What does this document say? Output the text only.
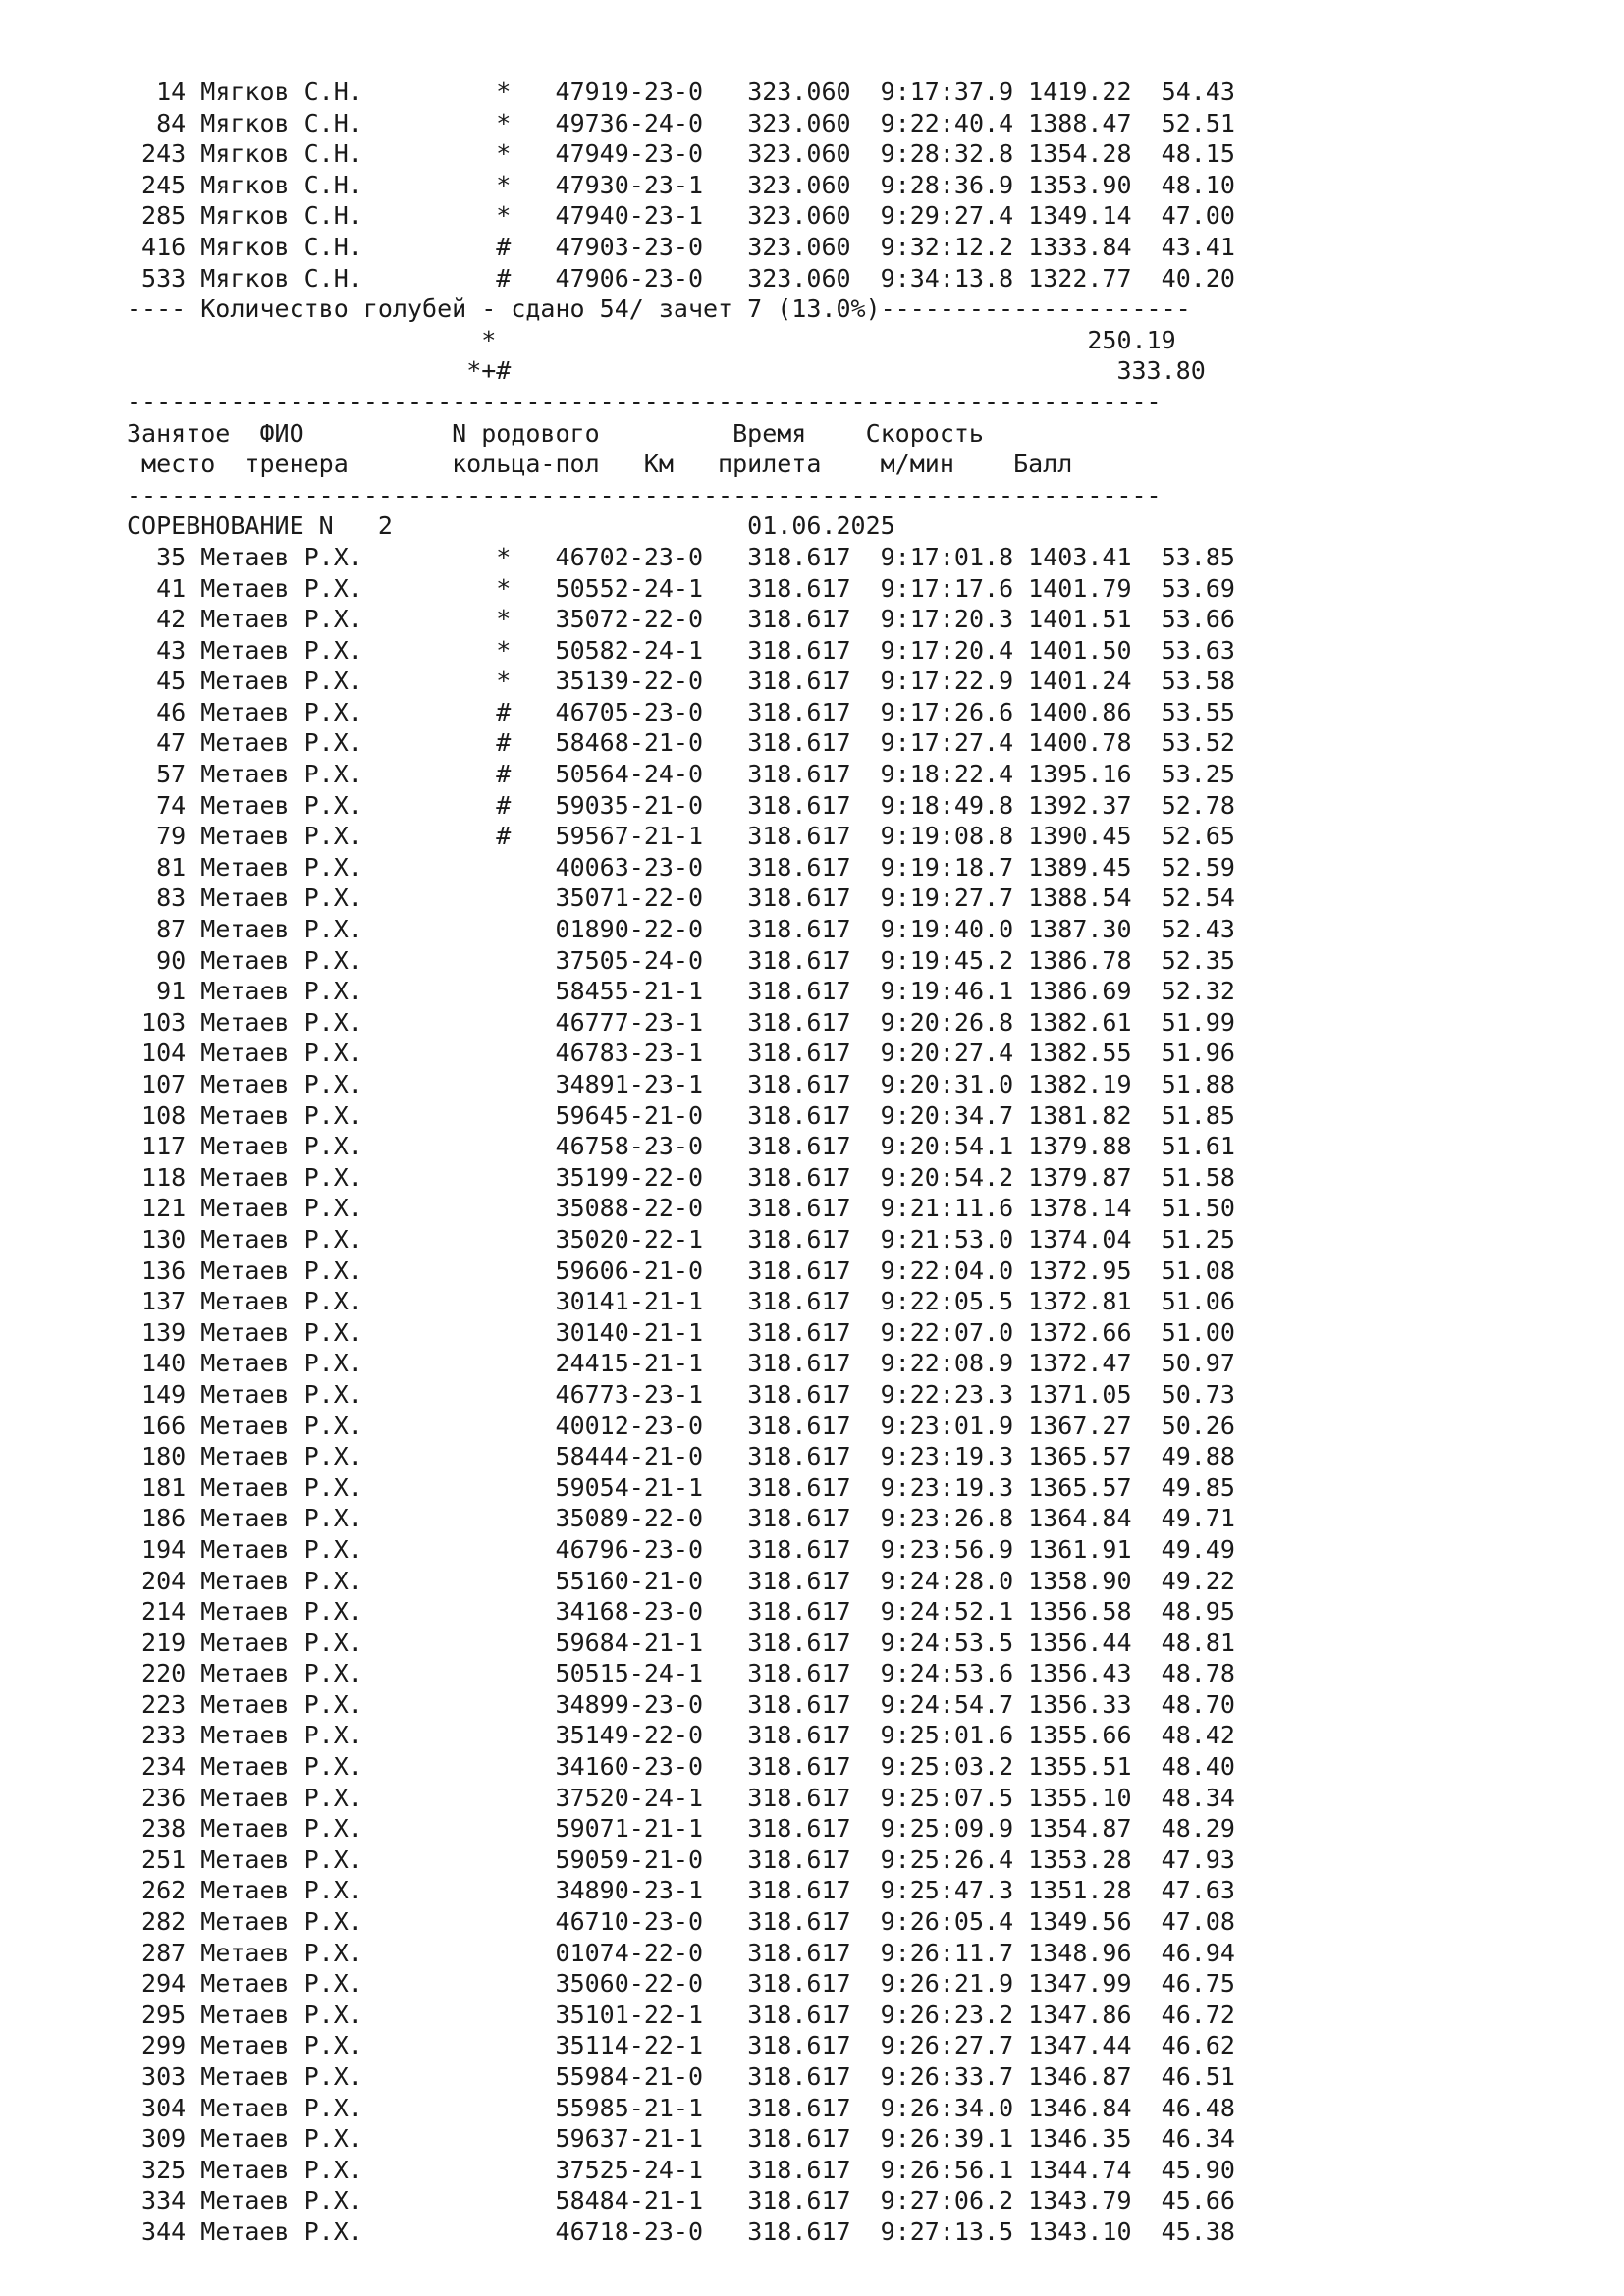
14 Мягков С.Н.         *   47919-23-0   323.060  9:17:37.9 1419.22  54.43
84 Мягков С.Н.         *   49736-24-0   323.060  9:22:40.4 1388.47  52.51
243 Мягков С.Н.         *   47949-23-0   323.060  9:28:32.8 1354.28  48.15
245 Мягков С.Н.         *   47930-23-1   323.060  9:28:36.9 1353.90  48.10
285 Мягков С.Н.         *   47940-23-1   323.060  9:29:27.4 1349.14  47.00
416 Мягков С.Н.         #   47903-23-0   323.060  9:32:12.2 1333.84  43.41
533 Мягков С.Н.         #   47906-23-0   323.060  9:34:13.8 1322.77  40.20
---- Количество голубей - сдано 54/ зачет 7 (13.0%)---------------------
*	250.19
*+#	333.80
----------------------------------------------------------------------
Занятое  ФИО          N родового         Время    Скорость
место  тренера       кольца-пол   Км   прилета    м/мин    Балл
----------------------------------------------------------------------
СОРЕВНОВАНИЕ N   2	01.06.2025
35 Метаев Р.Х.         *   46702-23-0   318.617  9:17:01.8 1403.41  53.85
41 Метаев Р.Х.         *   50552-24-1   318.617  9:17:17.6 1401.79  53.69
42 Метаев Р.Х.         *   35072-22-0   318.617  9:17:20.3 1401.51  53.66
43 Метаев Р.Х.         *   50582-24-1   318.617  9:17:20.4 1401.50  53.63
45 Метаев Р.Х.         *   35139-22-0   318.617  9:17:22.9 1401.24  53.58
46 Метаев Р.Х.         #   46705-23-0   318.617  9:17:26.6 1400.86  53.55
47 Метаев Р.Х.         #   58468-21-0   318.617  9:17:27.4 1400.78  53.52
57 Метаев Р.Х.         #   50564-24-0   318.617  9:18:22.4 1395.16  53.25
74 Метаев Р.Х.         #   59035-21-0   318.617  9:18:49.8 1392.37  52.78
79 Метаев Р.Х.         #   59567-21-1   318.617  9:19:08.8 1390.45  52.65
81 Метаев Р.Х.	40063-23-0   318.617  9:19:18.7 1389.45  52.59
83 Метаев Р.Х.	35071-22-0   318.617  9:19:27.7 1388.54  52.54
87 Метаев Р.Х.	01890-22-0   318.617  9:19:40.0 1387.30  52.43
90 Метаев Р.Х.	37505-24-0   318.617  9:19:45.2 1386.78  52.35
91 Метаев Р.Х.	58455-21-1   318.617  9:19:46.1 1386.69  52.32
103 Метаев Р.Х.	46777-23-1   318.617  9:20:26.8 1382.61  51.99
104 Метаев Р.Х.	46783-23-1   318.617  9:20:27.4 1382.55  51.96
107 Метаев Р.Х.	34891-23-1   318.617  9:20:31.0 1382.19  51.88
108 Метаев Р.Х.	59645-21-0   318.617  9:20:34.7 1381.82  51.85
117 Метаев Р.Х.	46758-23-0   318.617  9:20:54.1 1379.88  51.61
118 Метаев Р.Х.	35199-22-0   318.617  9:20:54.2 1379.87  51.58
121 Метаев Р.Х.	35088-22-0   318.617  9:21:11.6 1378.14  51.50
130 Метаев Р.Х.	35020-22-1   318.617  9:21:53.0 1374.04  51.25
136 Метаев Р.Х.	59606-21-0   318.617  9:22:04.0 1372.95  51.08
137 Метаев Р.Х.	30141-21-1   318.617  9:22:05.5 1372.81  51.06
139 Метаев Р.Х.	30140-21-1   318.617  9:22:07.0 1372.66  51.00
140 Метаев Р.Х.	24415-21-1   318.617  9:22:08.9 1372.47  50.97
149 Метаев Р.Х.	46773-23-1   318.617  9:22:23.3 1371.05  50.73
166 Метаев Р.Х.	40012-23-0   318.617  9:23:01.9 1367.27  50.26
180 Метаев Р.Х.	58444-21-0   318.617  9:23:19.3 1365.57  49.88
181 Метаев Р.Х.	59054-21-1   318.617  9:23:19.3 1365.57  49.85
186 Метаев Р.Х.	35089-22-0   318.617  9:23:26.8 1364.84  49.71
194 Метаев Р.Х.	46796-23-0   318.617  9:23:56.9 1361.91  49.49
204 Метаев Р.Х.	55160-21-0   318.617  9:24:28.0 1358.90  49.22
214 Метаев Р.Х.	34168-23-0   318.617  9:24:52.1 1356.58  48.95
219 Метаев Р.Х.	59684-21-1   318.617  9:24:53.5 1356.44  48.81
220 Метаев Р.Х.	50515-24-1   318.617  9:24:53.6 1356.43  48.78
223 Метаев Р.Х.	34899-23-0   318.617  9:24:54.7 1356.33  48.70
233 Метаев Р.Х.	35149-22-0   318.617  9:25:01.6 1355.66  48.42
234 Метаев Р.Х.	34160-23-0   318.617  9:25:03.2 1355.51  48.40
236 Метаев Р.Х.	37520-24-1   318.617  9:25:07.5 1355.10  48.34
238 Метаев Р.Х.	59071-21-1   318.617  9:25:09.9 1354.87  48.29
251 Метаев Р.Х.	59059-21-0   318.617  9:25:26.4 1353.28  47.93
262 Метаев Р.Х.	34890-23-1   318.617  9:25:47.3 1351.28  47.63
282 Метаев Р.Х.	46710-23-0   318.617  9:26:05.4 1349.56  47.08
287 Метаев Р.Х.	01074-22-0   318.617  9:26:11.7 1348.96  46.94
294 Метаев Р.Х.	35060-22-0   318.617  9:26:21.9 1347.99  46.75
295 Метаев Р.Х.	35101-22-1   318.617  9:26:23.2 1347.86  46.72
299 Метаев Р.Х.	35114-22-1   318.617  9:26:27.7 1347.44  46.62
303 Метаев Р.Х.	55984-21-0   318.617  9:26:33.7 1346.87  46.51
304 Метаев Р.Х.	55985-21-1   318.617  9:26:34.0 1346.84  46.48
309 Метаев Р.Х.	59637-21-1   318.617  9:26:39.1 1346.35  46.34
325 Метаев Р.Х.	37525-24-1   318.617  9:26:56.1 1344.74  45.90
334 Метаев Р.Х.	58484-21-1   318.617  9:27:06.2 1343.79  45.66
344 Метаев Р.Х.	46718-23-0   318.617  9:27:13.5 1343.10  45.38
